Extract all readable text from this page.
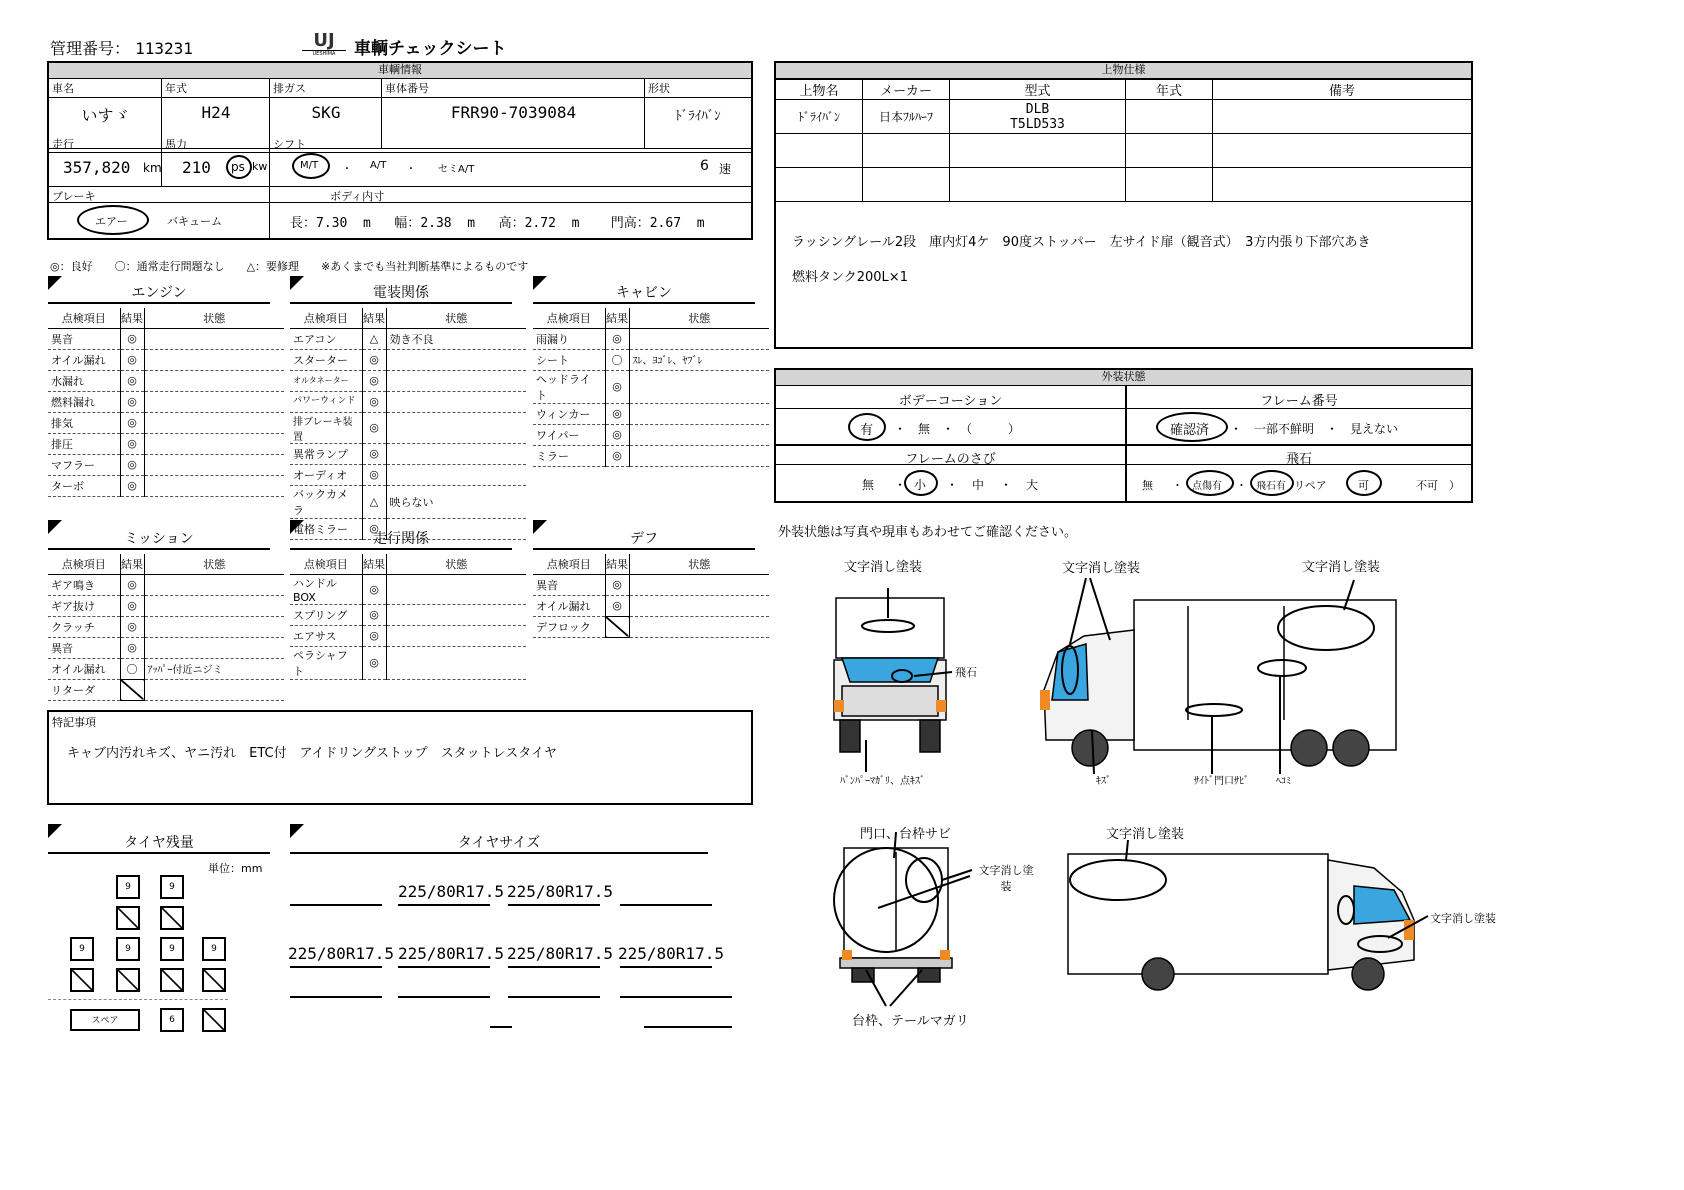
管理番号： 113231	UJ
UESHIMA	車輌チェックシート
車輌情報
車名
いすゞ
年式
H24
排ガス
SKG
車体番号
FRR90-7039084
形状
ﾄﾞﾗｲﾊﾞﾝ
走行
357,820 km
馬力
210 ps kw
シフト
M/T ・ A/T ・ セミA/T	6 速
ブレーキ
エアー	バキューム
ボディ内寸
長：7.30 m 幅：2.38 m 高：2.72 m 門高：2.67 m
◎：良好　　〇：通常走行問題なし　　△：要修理　　※あくまでも当社判断基準によるものです
エンジン
点検項目	結果	状態
異音	◎	
オイル漏れ	◎	
水漏れ	◎	
燃料漏れ	◎	
排気	◎	
排圧	◎	
マフラー	◎	
ターボ	◎	
電装関係
点検項目	結果	状態
エアコン	△	効き不良
スターター	◎	
オルタネーター	◎	
パワーウィンド	◎	
排ブレーキ装置	◎	
異常ランプ	◎	
オーディオ	◎	
バックカメラ	△	映らない
電格ミラー	◎	
キャビン
点検項目	結果	状態
雨漏り	◎	
シート	〇	ｽﾚ、ﾖｺﾞﾚ、ﾔﾌﾞﾚ
ヘッドライト	◎	
ウィンカー	◎	
ワイパー	◎	
ミラー	◎	
ミッション
点検項目	結果	状態
ギア鳴き	◎	
ギア抜け	◎	
クラッチ	◎	
異音	◎	
オイル漏れ	〇	ｱｯﾊﾟｰ付近ニジミ
リターダ		
走行関係
点検項目	結果	状態
ハンドルBOX	◎	
スプリング	◎	
エアサス	◎	
ペラシャフト	◎	
デフ
点検項目	結果	状態
異音	◎	
オイル漏れ	◎	
デフロック		
特記事項
キャブ内汚れキズ、ヤニ汚れ　ETC付　アイドリングストップ　スタットレスタイヤ
タイヤ残量
単位：mm
9	9
9	9	9	9
スペア	6
タイヤサイズ
225/80R17.5 225/80R17.5
225/80R17.5 225/80R17.5 225/80R17.5 225/80R17.5
上物仕様
上物名	メーカー	型式	年式	備考
ﾄﾞﾗｲﾊﾞﾝ	日本ﾌﾙﾊｰﾌ	DLB
T5LD533		

ラッシングレール2段　庫内灯4ケ　90度ストッパー　左サイド扉（観音式）　3方内張り下部穴あき
燃料タンク200L×1
外装状態
ボデーコーション
有 ・　無　・　（　　　）
フレーム番号
確認済 ・　一部不鮮明　・　見えない
フレームのさび
無 ・ 小 ・ 中 ・ 大
飛石
無 ・ 点傷有 ・ 飛石有 リペア	可	不可　）
外装状態は写真や現車もあわせてご確認ください。
文字消し塗装
飛石
ﾊﾞﾝﾊﾟｰﾏｶﾞﾘ、点ｷｽﾞ
文字消し塗装	文字消し塗装
ｷｽﾞ	ｻｲﾄﾞ門口ｻﾋﾞ	ﾍｺﾐ
門口、台枠サビ
文字消し塗装
台枠、テールマガリ
文字消し塗装
文字消し塗装
